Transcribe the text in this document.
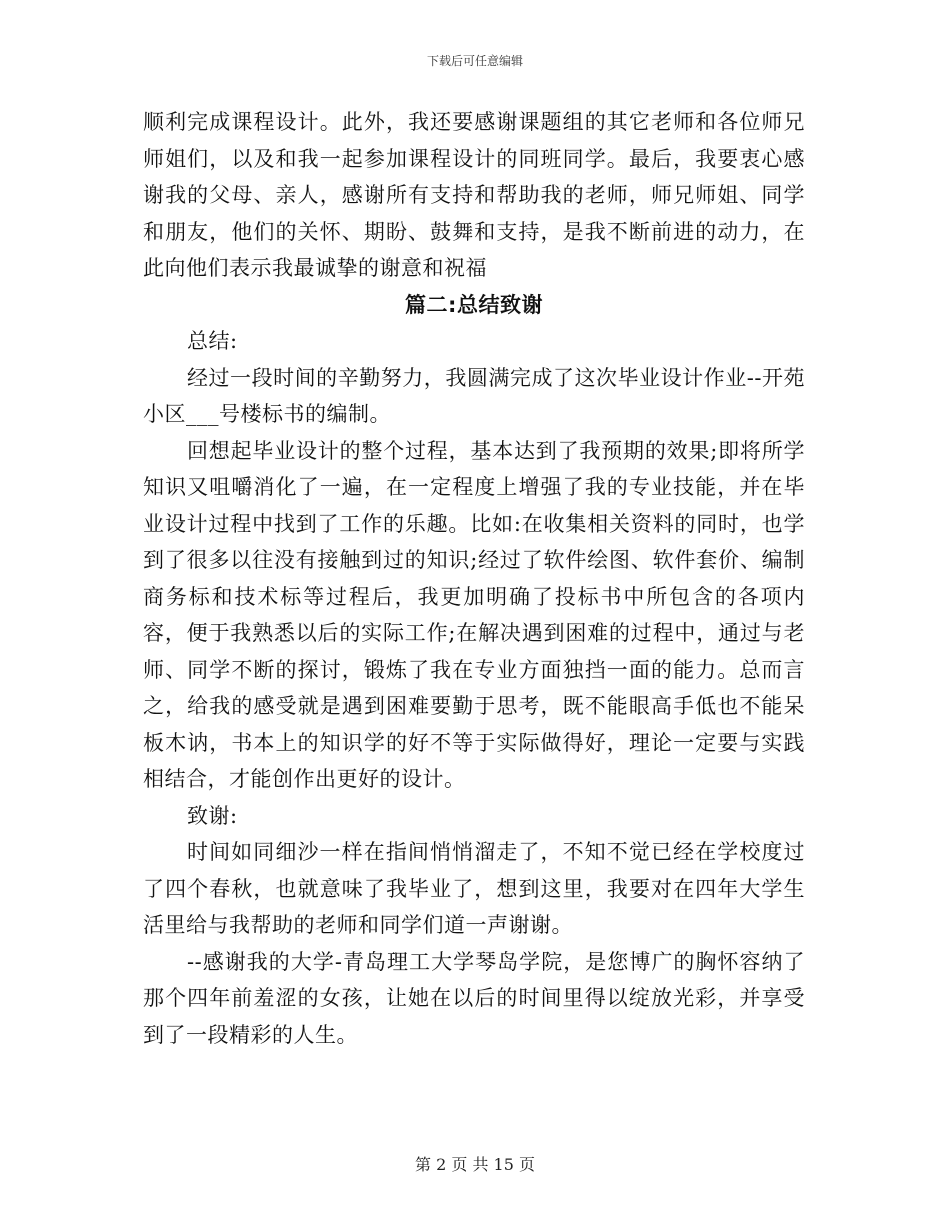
下载后可任意编辑

顺利完成课程设计。此外，我还要感谢课题组的其它老师和各位师兄师姐们，以及和我一起参加课程设计的同班同学。最后，我要衷心感谢我的父母、亲人，感谢所有支持和帮助我的老师，师兄师姐、同学和朋友，他们的关怀、期盼、鼓舞和支持，是我不断前进的动力，在此向他们表示我最诚挚的谢意和祝福

篇二:总结致谢

总结:

经过一段时间的辛勤努力，我圆满完成了这次毕业设计作业--开苑小区___号楼标书的编制。

回想起毕业设计的整个过程，基本达到了我预期的效果;即将所学知识又咀嚼消化了一遍，在一定程度上增强了我的专业技能，并在毕业设计过程中找到了工作的乐趣。比如:在收集相关资料的同时，也学到了很多以往没有接触到过的知识;经过了软件绘图、软件套价、编制商务标和技术标等过程后，我更加明确了投标书中所包含的各项内容，便于我熟悉以后的实际工作;在解决遇到困难的过程中，通过与老师、同学不断的探讨，锻炼了我在专业方面独挡一面的能力。总而言之，给我的感受就是遇到困难要勤于思考，既不能眼高手低也不能呆板木讷，书本上的知识学的好不等于实际做得好，理论一定要与实践相结合，才能创作出更好的设计。

致谢:

时间如同细沙一样在指间悄悄溜走了，不知不觉已经在学校度过了四个春秋，也就意味了我毕业了，想到这里，我要对在四年大学生活里给与我帮助的老师和同学们道一声谢谢。

--感谢我的大学-青岛理工大学琴岛学院，是您博广的胸怀容纳了那个四年前羞涩的女孩，让她在以后的时间里得以绽放光彩，并享受到了一段精彩的人生。

第 2 页 共 15 页
